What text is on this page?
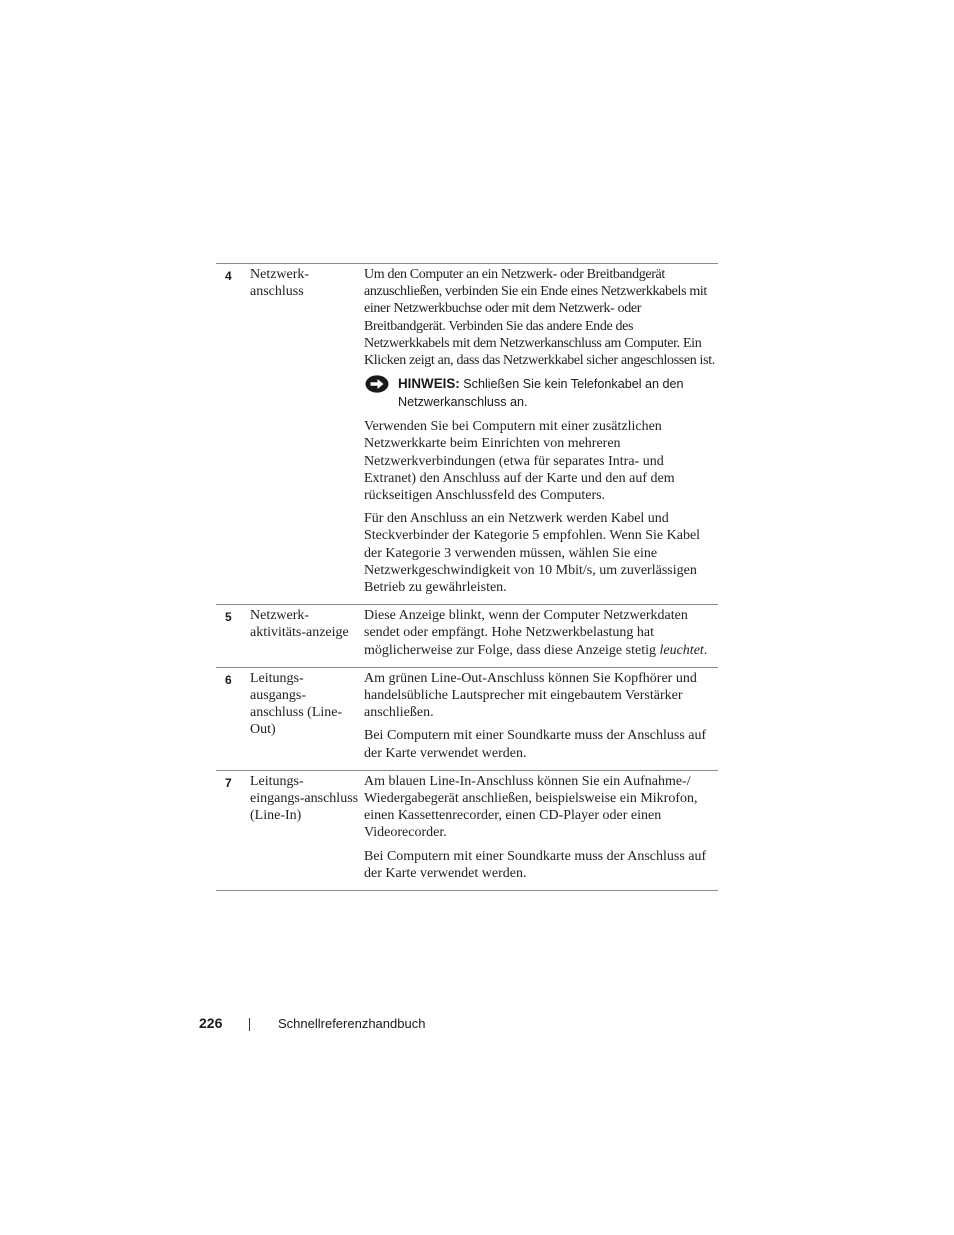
4 Netzwerk-
anschluss

Um den Computer an ein Netzwerk- oder Breitbandgerät anzuschließen, verbinden Sie ein Ende eines Netzwerkkabels mit einer Netzwerkbuchse oder mit dem Netzwerk- oder Breitbandgerät. Verbinden Sie das andere Ende des Netzwerkkabels mit dem Netzwerkanschluss am Computer. Ein Klicken zeigt an, dass das Netzwerkkabel sicher angeschlossen ist.

HINWEIS: Schließen Sie kein Telefonkabel an den Netzwerkanschluss an.

Verwenden Sie bei Computern mit einer zusätzlichen Netzwerkkarte beim Einrichten von mehreren Netzwerkverbindungen (etwa für separates Intra- und Extranet) den Anschluss auf der Karte und den auf dem rückseitigen Anschlussfeld des Computers.

Für den Anschluss an ein Netzwerk werden Kabel und Steckverbinder der Kategorie 5 empfohlen. Wenn Sie Kabel der Kategorie 3 verwenden müssen, wählen Sie eine Netzwerkgeschwindigkeit von 10 Mbit/s, um zuverlässigen Betrieb zu gewährleisten.

5 Netzwerk-
aktivitäts-anzeige

Diese Anzeige blinkt, wenn der Computer Netzwerkdaten sendet oder empfängt. Hohe Netzwerkbelastung hat möglicherweise zur Folge, dass diese Anzeige stetig leuchtet.

6 Leitungs-
ausgangs-
anschluss (Line-
Out)

Am grünen Line-Out-Anschluss können Sie Kopfhörer und handelsübliche Lautsprecher mit eingebautem Verstärker anschließen.

Bei Computern mit einer Soundkarte muss der Anschluss auf der Karte verwendet werden.

7 Leitungs-
eingangs-anschluss
(Line-In)

Am blauen Line-In-Anschluss können Sie ein Aufnahme-/ Wiedergabegerät anschließen, beispielsweise ein Mikrofon, einen Kassettenrecorder, einen CD-Player oder einen Videorecorder.

Bei Computern mit einer Soundkarte muss der Anschluss auf der Karte verwendet werden.

226	Schnellreferenzhandbuch
